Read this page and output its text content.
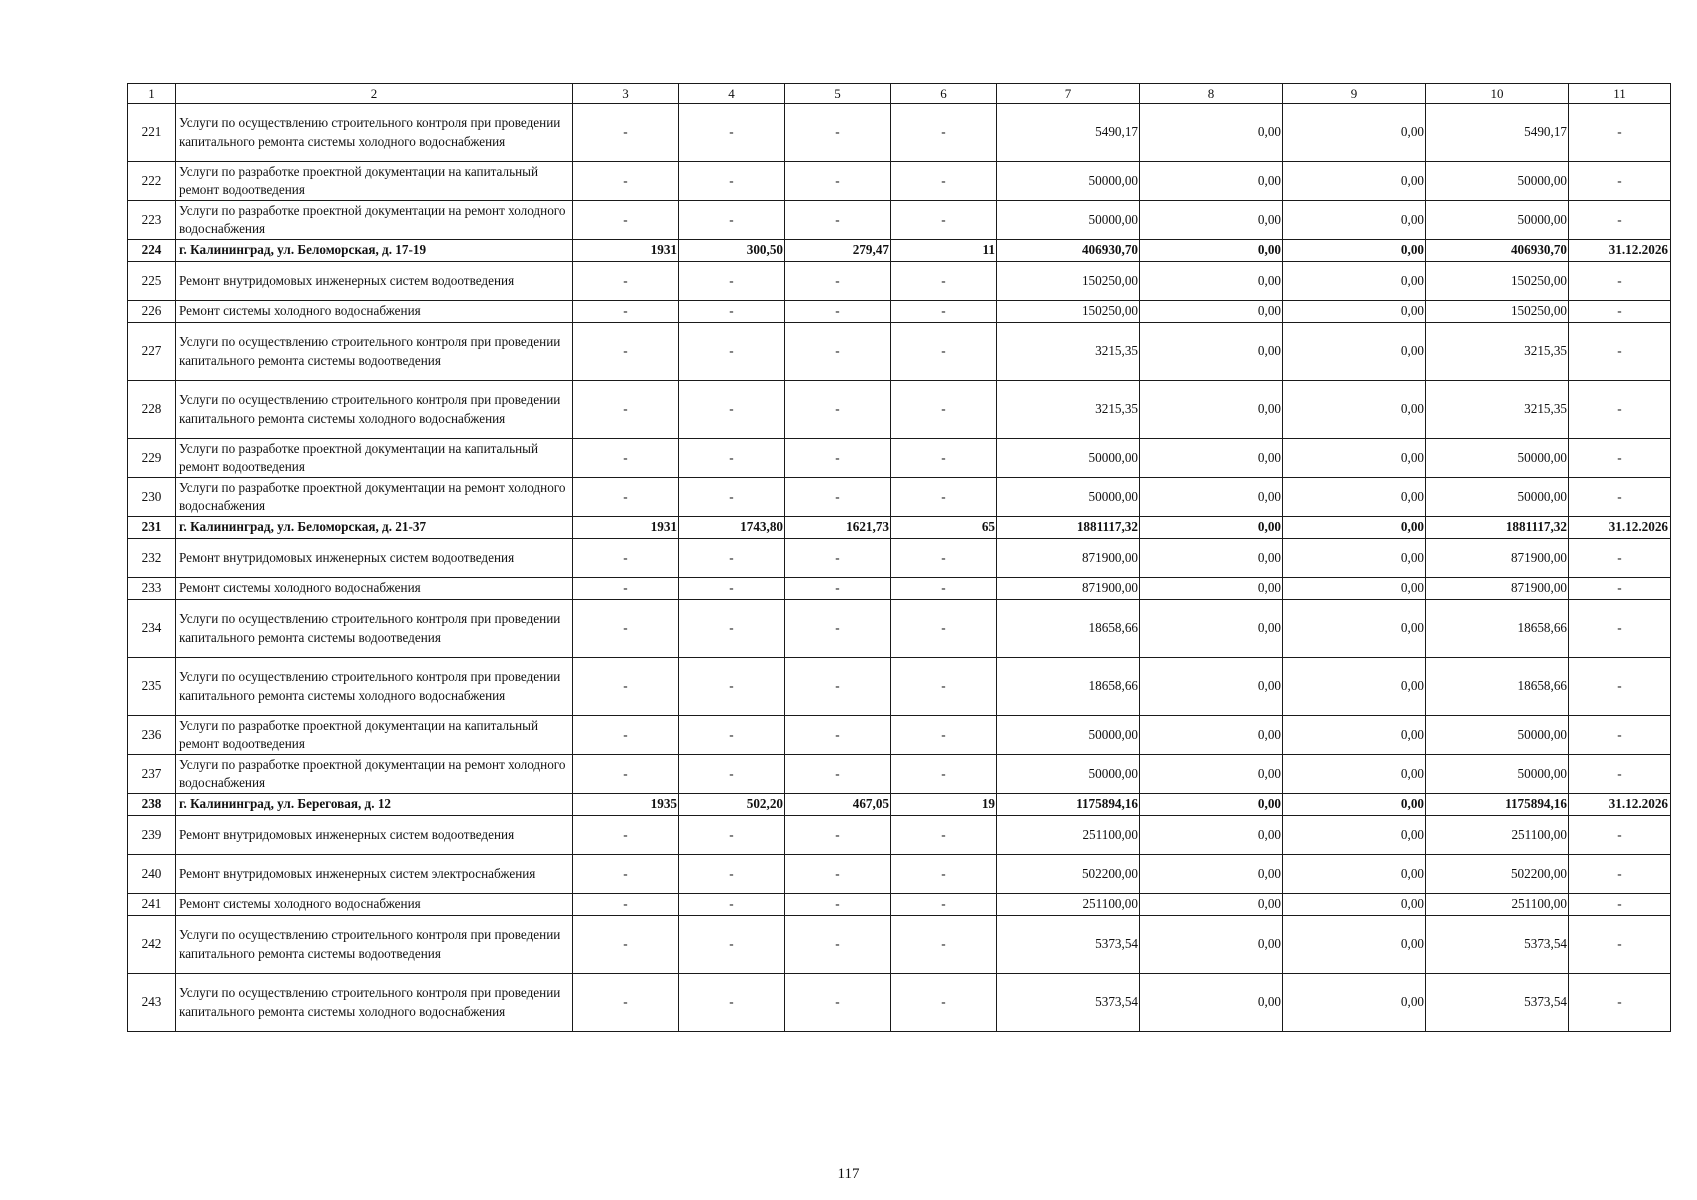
1	2	3	4	5	6	7	8	9	10	11
221	Услуги по осуществлению строительного контроля при проведении капитального ремонта системы холодного водоснабжения	-	-	-	-	5490,17	0,00	0,00	5490,17	-
222	Услуги по разработке проектной документации на капитальный ремонт водоотведения	-	-	-	-	50000,00	0,00	0,00	50000,00	-
223	Услуги по разработке проектной документации на ремонт холодного водоснабжения	-	-	-	-	50000,00	0,00	0,00	50000,00	-
224	г. Калининград, ул. Беломорская, д. 17-19	1931	300,50	279,47	11	406930,70	0,00	0,00	406930,70	31.12.2026
225	Ремонт внутридомовых инженерных систем водоотведения	-	-	-	-	150250,00	0,00	0,00	150250,00	-
226	Ремонт системы холодного водоснабжения	-	-	-	-	150250,00	0,00	0,00	150250,00	-
227	Услуги по осуществлению строительного контроля при проведении капитального ремонта системы водоотведения	-	-	-	-	3215,35	0,00	0,00	3215,35	-
228	Услуги по осуществлению строительного контроля при проведении капитального ремонта системы холодного водоснабжения	-	-	-	-	3215,35	0,00	0,00	3215,35	-
229	Услуги по разработке проектной документации на капитальный ремонт водоотведения	-	-	-	-	50000,00	0,00	0,00	50000,00	-
230	Услуги по разработке проектной документации на ремонт холодного водоснабжения	-	-	-	-	50000,00	0,00	0,00	50000,00	-
231	г. Калининград, ул. Беломорская, д. 21-37	1931	1743,80	1621,73	65	1881117,32	0,00	0,00	1881117,32	31.12.2026
232	Ремонт внутридомовых инженерных систем водоотведения	-	-	-	-	871900,00	0,00	0,00	871900,00	-
233	Ремонт системы холодного водоснабжения	-	-	-	-	871900,00	0,00	0,00	871900,00	-
234	Услуги по осуществлению строительного контроля при проведении капитального ремонта системы водоотведения	-	-	-	-	18658,66	0,00	0,00	18658,66	-
235	Услуги по осуществлению строительного контроля при проведении капитального ремонта системы холодного водоснабжения	-	-	-	-	18658,66	0,00	0,00	18658,66	-
236	Услуги по разработке проектной документации на капитальный ремонт водоотведения	-	-	-	-	50000,00	0,00	0,00	50000,00	-
237	Услуги по разработке проектной документации на ремонт холодного водоснабжения	-	-	-	-	50000,00	0,00	0,00	50000,00	-
238	г. Калининград, ул. Береговая, д. 12	1935	502,20	467,05	19	1175894,16	0,00	0,00	1175894,16	31.12.2026
239	Ремонт внутридомовых инженерных систем водоотведения	-	-	-	-	251100,00	0,00	0,00	251100,00	-
240	Ремонт внутридомовых инженерных систем электроснабжения	-	-	-	-	502200,00	0,00	0,00	502200,00	-
241	Ремонт системы холодного водоснабжения	-	-	-	-	251100,00	0,00	0,00	251100,00	-
242	Услуги по осуществлению строительного контроля при проведении капитального ремонта системы водоотведения	-	-	-	-	5373,54	0,00	0,00	5373,54	-
243	Услуги по осуществлению строительного контроля при проведении капитального ремонта системы холодного водоснабжения	-	-	-	-	5373,54	0,00	0,00	5373,54	-
117
